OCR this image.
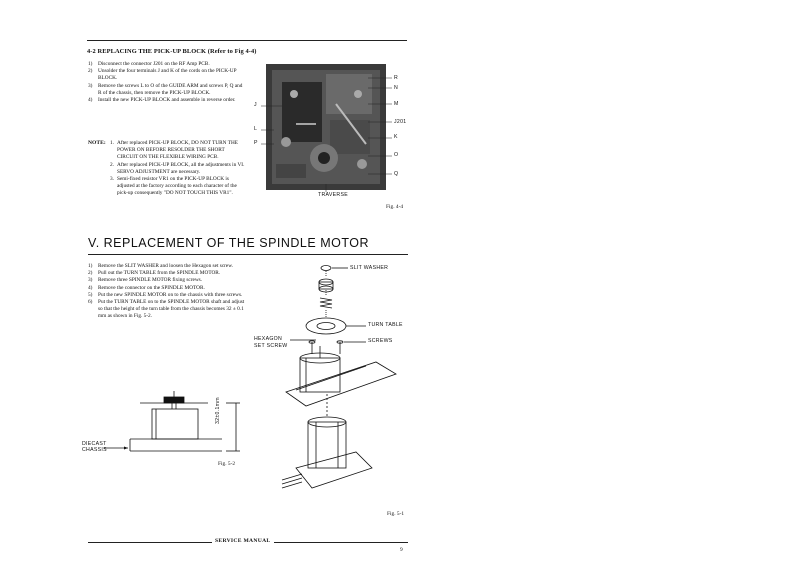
4-2 REPLACING THE PICK-UP BLOCK (Refer to Fig 4-4)
1) Disconnect the connector J201 on the RF Amp PCB.
2) Unsolder the four terminals J and K of the cords on the PICK-UP BLOCK.
3) Remove the screws L to O of the GUIDE ARM and screws P, Q and R of the chassis, then remove the PICK-UP BLOCK.
4) Install the new PICK-UP BLOCK and assemble in reverse order.
NOTE: 1. After replaced PICK-UP BLOCK, DO NOT TURN THE POWER ON BEFORE RESOLDER THE SHORT CIRCUIT ON THE FLEXIBLE WIRING PCB.
2. After replaced PICK-UP BLOCK, all the adjustments in VI. SERVO ADJUSTMENT are necessary.
3. Semi-fixed resistor VR1 on the PICK-UP BLOCK is adjusted at the factory according to each character of the pick-up consequently "DO NOT TOUCH THIS VR1".
R
N
M
J201
K
O
Q
J
L
P
TRAVERSE
Fig. 4-4
V. REPLACEMENT OF THE SPINDLE MOTOR
1) Remove the SLIT WASHER and loosen the Hexagon set screw.
2) Pull out the TURN TABLE from the SPINDLE MOTOR.
3) Remove three SPINDLE MOTOR fixing screws.
4) Remove the connector on the SPINDLE MOTOR.
5) Put the new SPINDLE MOTOR on to the chassis with three screws.
6) Put the TURN TABLE on to the SPINDLE MOTOR shaft and adjust so that the height of the turn table from the chassis becomes 32 ± 0.1 mm as shown in Fig. 5-2.
32±0.1mm
DIECAST
CHASSIS
Fig. 5-2
SLIT WASHER
TURN TABLE
SCREWS
HEXAGON
SET SCREW
Fig. 5-1
SERVICE MANUAL
9
